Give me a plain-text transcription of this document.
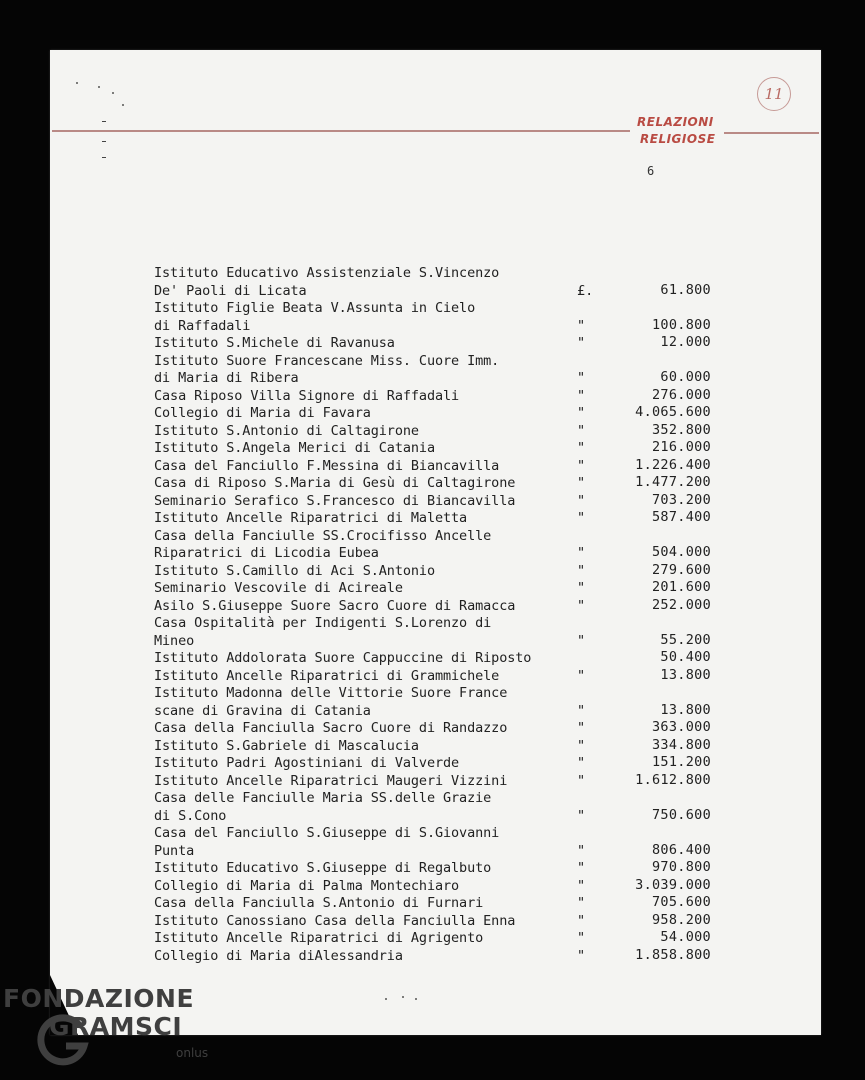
RELAZIONI
RELIGIOSE
11
6
Istituto Educativo Assistenziale S.Vincenzo
De' Paoli di Licata	£.	61.800
Istituto Figlie Beata V.Assunta in Cielo
di Raffadali	"	100.800
Istituto S.Michele di Ravanusa	"	12.000
Istituto Suore Francescane Miss. Cuore Imm.
di Maria di Ribera	"	60.000
Casa Riposo Villa Signore di Raffadali	"	276.000
Collegio di Maria di Favara	"	4.065.600
Istituto S.Antonio di Caltagirone	"	352.800
Istituto S.Angela Merici di Catania	"	216.000
Casa del Fanciullo F.Messina di Biancavilla	"	1.226.400
Casa di Riposo S.Maria di Gesù di Caltagirone	"	1.477.200
Seminario Serafico S.Francesco di Biancavilla	"	703.200
Istituto Ancelle Riparatrici di Maletta	"	587.400
Casa della Fanciulle SS.Crocifisso Ancelle
Riparatrici di Licodia Eubea	"	504.000
Istituto S.Camillo di Aci S.Antonio	"	279.600
Seminario Vescovile di Acireale	"	201.600
Asilo S.Giuseppe Suore Sacro Cuore di Ramacca	"	252.000
Casa Ospitalità per Indigenti S.Lorenzo di
Mineo	"	55.200
Istituto Addolorata Suore Cappuccine di Riposto	50.400
Istituto Ancelle Riparatrici di Grammichele	"	13.800
Istituto Madonna delle Vittorie Suore France
scane di Gravina di Catania	"	13.800
Casa della Fanciulla Sacro Cuore di Randazzo	"	363.000
Istituto S.Gabriele di Mascalucia	"	334.800
Istituto Padri Agostiniani di Valverde	"	151.200
Istituto Ancelle Riparatrici Maugeri Vizzini	"	1.612.800
Casa delle Fanciulle Maria SS.delle Grazie
di S.Cono	"	750.600
Casa del Fanciullo S.Giuseppe di S.Giovanni
Punta	"	806.400
Istituto Educativo S.Giuseppe di Regalbuto	"	970.800
Collegio di Maria di Palma Montechiaro	"	3.039.000
Casa della Fanciulla S.Antonio di Furnari	"	705.600
Istituto Canossiano Casa della Fanciulla Enna	"	958.200
Istituto Ancelle Riparatrici di Agrigento	"	54.000
Collegio di Maria diAlessandria	"	1.858.800
FONDAZIONE
GRAMSCI
onlus
